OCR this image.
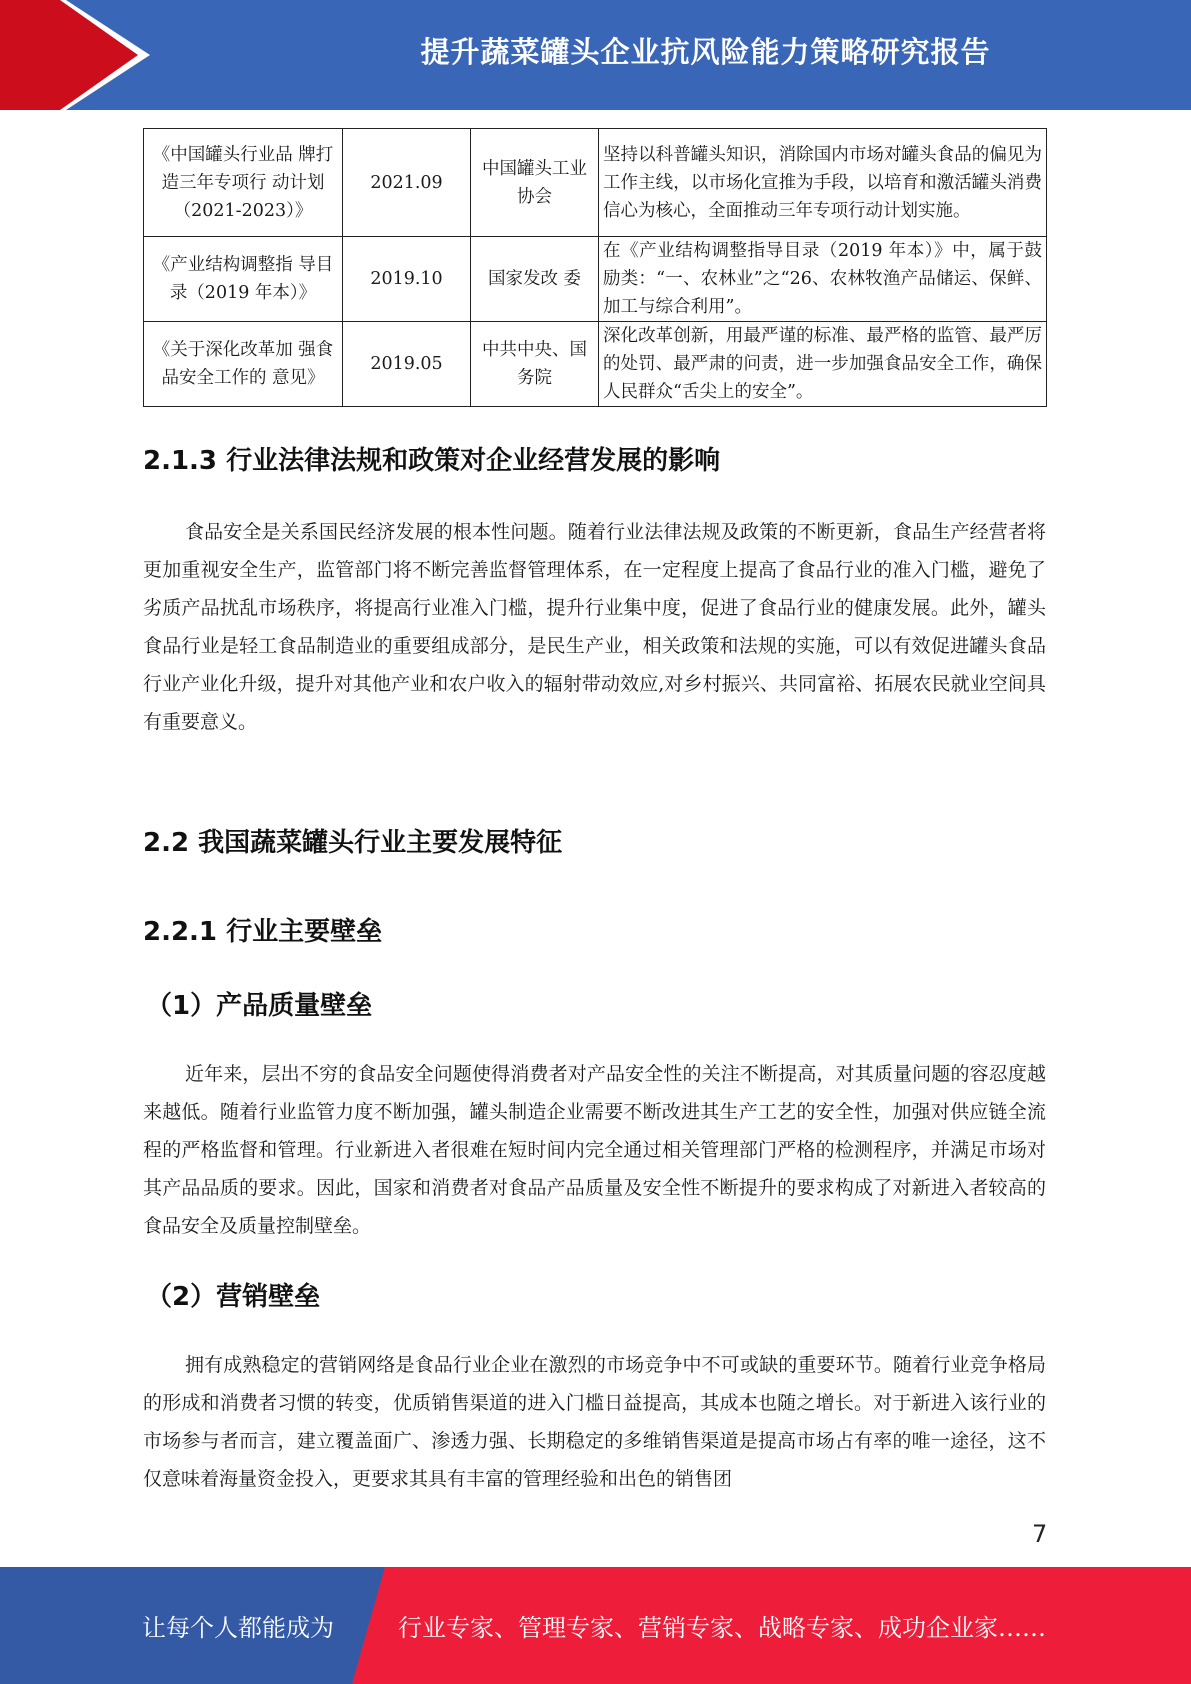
提升蔬菜罐头企业抗风险能力策略研究报告
《中国罐头行业品 牌打造三年专项行 动计划（2021-2023）》	2021.09	中国罐头工业协会	坚持以科普罐头知识，消除国内市场对罐头食品的偏见为工作主线，以市场化宣推为手段，以培育和激活罐头消费信心为核心，全面推动三年专项行动计划实施。
《产业结构调整指 导目录（2019 年本）》	2019.10	国家发改 委	在《产业结构调整指导目录（2019 年本）》中，属于鼓励类：“一、农林业”之“26、农林牧渔产品储运、保鲜、加工与综合利用”。
《关于深化改革加 强食品安全工作的 意见》	2019.05	中共中央、国务院	深化改革创新，用最严谨的标准、最严格的监管、最严厉的处罚、最严肃的问责，进一步加强食品安全工作，确保人民群众“舌尖上的安全”。
2.1.3 行业法律法规和政策对企业经营发展的影响

食品安全是关系国民经济发展的根本性问题。随着行业法律法规及政策的不断更新，食品生产经营者将更加重视安全生产，监管部门将不断完善监督管理体系，在一定程度上提高了食品行业的准入门槛，避免了劣质产品扰乱市场秩序，将提高行业准入门槛，提升行业集中度，促进了食品行业的健康发展。此外，罐头食品行业是轻工食品制造业的重要组成部分，是民生产业，相关政策和法规的实施，可以有效促进罐头食品行业产业化升级，提升对其他产业和农户收入的辐射带动效应,对乡村振兴、共同富裕、拓展农民就业空间具有重要意义。

2.2 我国蔬菜罐头行业主要发展特征
2.2.1 行业主要壁垒
（1）产品质量壁垒

近年来，层出不穷的食品安全问题使得消费者对产品安全性的关注不断提高，对其质量问题的容忍度越来越低。随着行业监管力度不断加强，罐头制造企业需要不断改进其生产工艺的安全性，加强对供应链全流程的严格监督和管理。行业新进入者很难在短时间内完全通过相关管理部门严格的检测程序，并满足市场对其产品品质的要求。因此，国家和消费者对食品产品质量及安全性不断提升的要求构成了对新进入者较高的食品安全及质量控制壁垒。

（2）营销壁垒

拥有成熟稳定的营销网络是食品行业企业在激烈的市场竞争中不可或缺的重要环节。随着行业竞争格局的形成和消费者习惯的转变，优质销售渠道的进入门槛日益提高，其成本也随之增长。对于新进入该行业的市场参与者而言，建立覆盖面广、渗透力强、长期稳定的多维销售渠道是提高市场占有率的唯一途径，这不仅意味着海量资金投入，更要求其具有丰富的管理经验和出色的销售团

7
让每个人都能成为	行业专家、管理专家、营销专家、战略专家、成功企业家……
